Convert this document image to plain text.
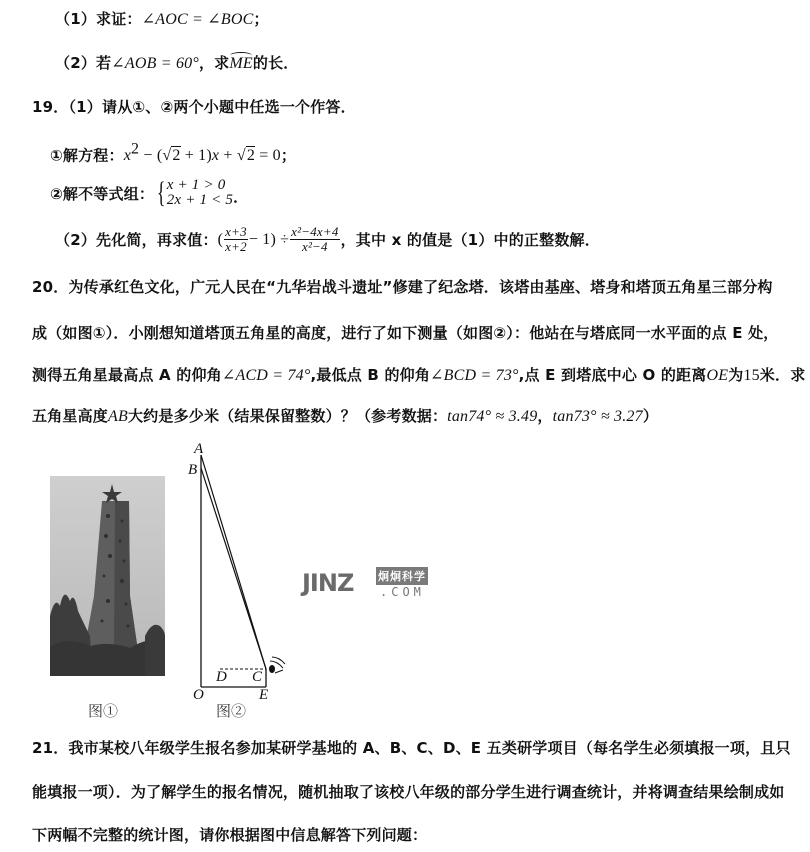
（1）求证：∠AOC = ∠BOC；
（2）若∠AOB = 60°，求ME的长．
19．（1）请从①、②两个小题中任选一个作答．
①解方程：$x^2 - (√2 + 1)x + √2 = 0$；
②解不等式组： { x + 1 > 0
2x + 1 < 5 ．
（2）先化简，再求值： ( $\frac{x+3}{x+2} - 1) \div \frac{\text{x²−4x+4}}{\text{x²−4}}$ ，其中 x 的值是（1）中的正整数解．
20．为传承红色文化，广元人民在“九华岩战斗遗址”修建了纪念塔．该塔由基座、塔身和塔顶五角星三部分构
成（如图①）．小刚想知道塔顶五角星的高度，进行了如下测量（如图②）：他站在与塔底同一水平面的点 E 处，
测得五角星最高点 A 的仰角∠ACD = 74°,最低点 B 的仰角∠BCD = 73°,点 E 到塔底中心 O 的距离OE为15米．求
五角星高度AB大约是多少米（结果保留整数）？（参考数据：tan74° ≈ 3.49，tan73° ≈ 3.27）
图①
A
B
D C
O	E
图②
JINZ 炯炯科学
.COM
21．我市某校八年级学生报名参加某研学基地的 A、B、C、D、E 五类研学项目（每名学生必须填报一项，且只
能填报一项）．为了解学生的报名情况，随机抽取了该校八年级的部分学生进行调查统计，并将调查结果绘制成如
下两幅不完整的统计图，请你根据图中信息解答下列问题：
